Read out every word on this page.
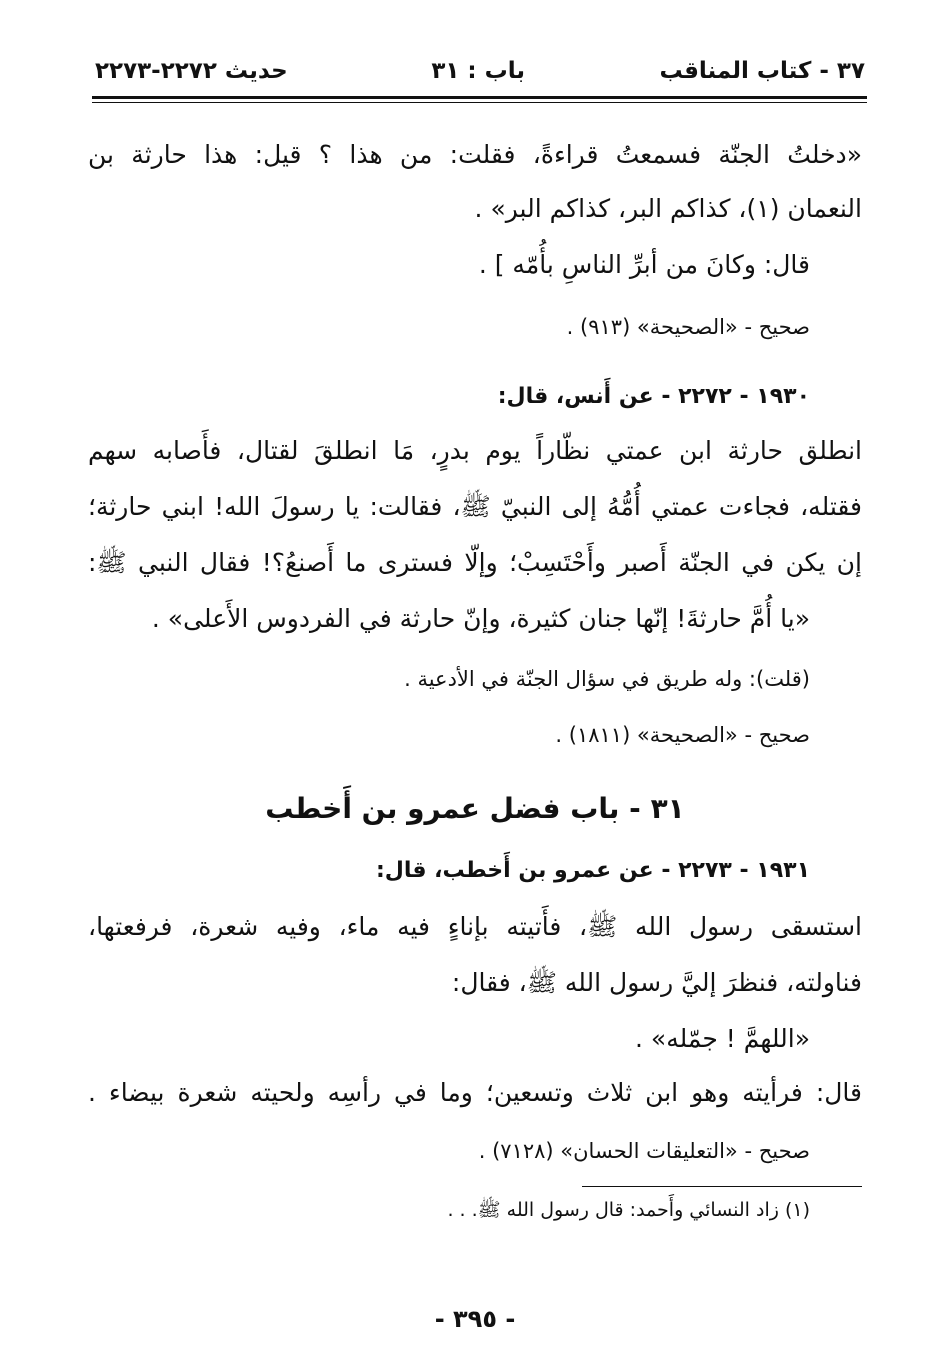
٣٧ - كتاب المناقب
باب : ٣١
حديث ٢٢٧٢-٢٢٧٣
«دخلتُ الجنّة فسمعتُ قراءةً، فقلت: من هذا ؟ قيل: هذا حارثة بن
النعمان (١)، كذاكم البر، كذاكم البر» .
قال: وكانَ من أبرِّ الناسِ بأُمّه ] .
صحيح - «الصحيحة» (٩١٣) .
١٩٣٠ - ٢٢٧٢ - عن أَنس، قال:
انطلق حارثة ابن عمتي نظّاراً يوم بدرٍ، مَا انطلقَ لقتال، فأَصابه سهم
فقتله، فجاءت عمتي أُمُّهُ إلى النبيّ ﷺ، فقالت: يا رسولَ الله! ابني حارثة؛
إن يكن في الجنّة أَصبر وأَحْتَسِبْ؛ وإلّا فسترى ما أَصنعُ؟! فقال النبي ﷺ:
«يا أُمَّ حارثةَ! إنّها جنان كثيرة، وإنّ حارثة في الفردوس الأَعلى» .
(قلت): وله طريق في سؤال الجنّة في الأدعية .
صحيح - «الصحيحة» (١٨١١) .
٣١ - باب فضل عمرو بن أَخطب
١٩٣١ - ٢٢٧٣ - عن عمرو بن أَخطب، قال:
استسقى رسول الله ﷺ، فأَتيته بإناءٍ فيه ماء، وفيه شعرة، فرفعتها،
فناولته، فنظرَ إليَّ رسول الله ﷺ، فقال:
«اللهمَّ ! جمّله» .
قال: فرأيته وهو ابن ثلاث وتسعين؛ وما في رأسِه ولحيته شعرة بيضاء .
صحيح - «التعليقات الحسان» (٧١٢٨) .
(١) زاد النسائي وأَحمد: قال رسول الله ﷺ. . .
- ٣٩٥ -
